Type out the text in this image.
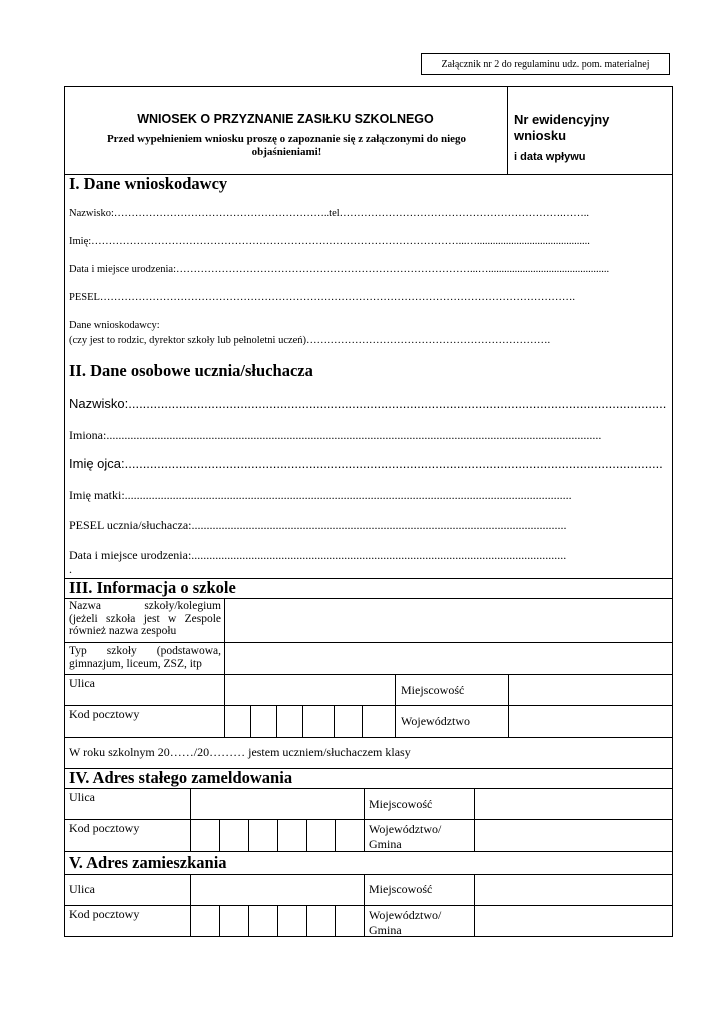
Załącznik nr 2 do regulaminu udz. pom. materialnej
WNIOSEK O PRZYZNANIE ZASIŁKU SZKOLNEGO
Przed wypełnieniem wniosku proszę o zapoznanie się z załączonymi do niego
objaśnieniami!
Nr ewidencyjny
wniosku
i data wpływu
I. Dane wnioskodawcy
Nazwisko:……………………………………………………..tel……………………………………………………….……..
Imię:……………………………………………………………………………………………...…...........................................
Data i miejsce urodzenia:…………………………………………………………………………...…..............................................
PESEL……………………………………………………………………………………………………………………….
Dane wnioskodawcy:
(czy jest to rodzic, dyrektor szkoły lub pełnoletni uczeń)…………………………………………………………….
II. Dane osobowe ucznia/słuchacza
Nazwisko:.....................................................................................................................................................
Imiona:.....................................................................................................................................................................
Imię ojca:.....................................................................................................................................................
Imię matki:.....................................................................................................................................................
PESEL ucznia/słuchacza:.............................................................................................................................
Data i miejsce urodzenia:.............................................................................................................................
.
III. Informacja o szkole
Nazwa szkoły/kolegium
(jeżeli szkoła jest w Zespole
również nazwa zespołu
Typ szkoły (podstawowa,
gimnazjum, liceum, ZSZ, itp
Ulica	Miejscowość
Kod pocztowy	Województwo
W roku szkolnym 20……/20……… jestem uczniem/słuchaczem klasy
IV. Adres stałego zameldowania
Ulica	Miejscowość
Kod pocztowy	Województwo/
Gmina
V. Adres zamieszkania
Ulica	Miejscowość
Kod pocztowy	Województwo/
Gmina
